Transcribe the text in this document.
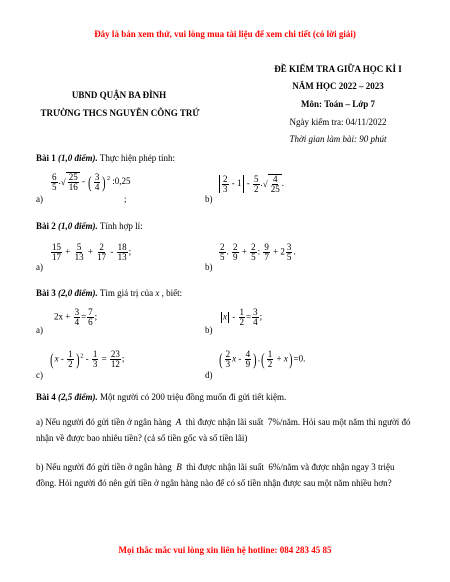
Đây là bản xem thử, vui lòng mua tài liệu để xem chi tiết (có lời giải)
UBND QUẬN BA ĐÌNH
TRƯỜNG THCS NGUYỄN CÔNG TRỨ
ĐỀ KIỂM TRA GIỮA HỌC KÌ I
NĂM HỌC 2022 – 2023
Môn: Toán – Lớp 7
Ngày kiểm tra: 04/11/2022
Thời gian làm bài: 90 phút
Bài 1 (1,0 điểm). Thực hiện phép tính:
a)
$\frac{6}{5}$ . √ $\frac{25}{16}$ - ( $\frac{3}{4} )^2$ :0,25
;	b)
$\frac{2}{3} - 1 - \frac{5}{2}$ . √ $\frac{4}{25}$ .
Bài 2 (1,0 điểm). Tính hợp lí:
a)
$\frac{15}{17} + \frac{5}{13} + \frac{2}{17} - \frac{18}{13}$ ;
b)
$\frac{2}{5}$ . $\frac{2}{9} + \frac{2}{5}$ : $\frac{9}{7} + 2 \frac{3}{5}$ .
Bài 3 (2,0 điểm). Tìm giá trị của x , biết:
a)
$2x + \frac{3}{4} = \frac{7}{6}$ ;
b)
$x - \frac{1}{2} = \frac{3}{4}$ ;
c)
$(x - \frac{1}{2} )^2 - \frac{1}{3} = \frac{23}{12}$ ;
d)
( $\frac{2}{3}$ x - $\frac{4}{9}$ ).( $\frac{1}{2} + x)=0$.
Bài 4 (2,5 điểm). Một người có 200 triệu đồng muốn đi gửi tiết kiệm.
a) Nếu người đó gửi tiền ở ngân hàng A thì được nhận lãi suất 7%/năm. Hỏi sau một năm thì người đó nhận về được bao nhiêu tiền? (cả số tiền gốc và số tiền lãi)
b) Nếu người đó gửi tiền ở ngân hàng B thì được nhận lãi suất 6%/năm và được nhận ngay 3 triệu đồng. Hỏi người đó nên gửi tiền ở ngân hàng nào để có số tiền nhận được sau một năm nhiều hơn?
Mọi thắc mắc vui lòng xin liên hệ hotline: 084 283 45 85
